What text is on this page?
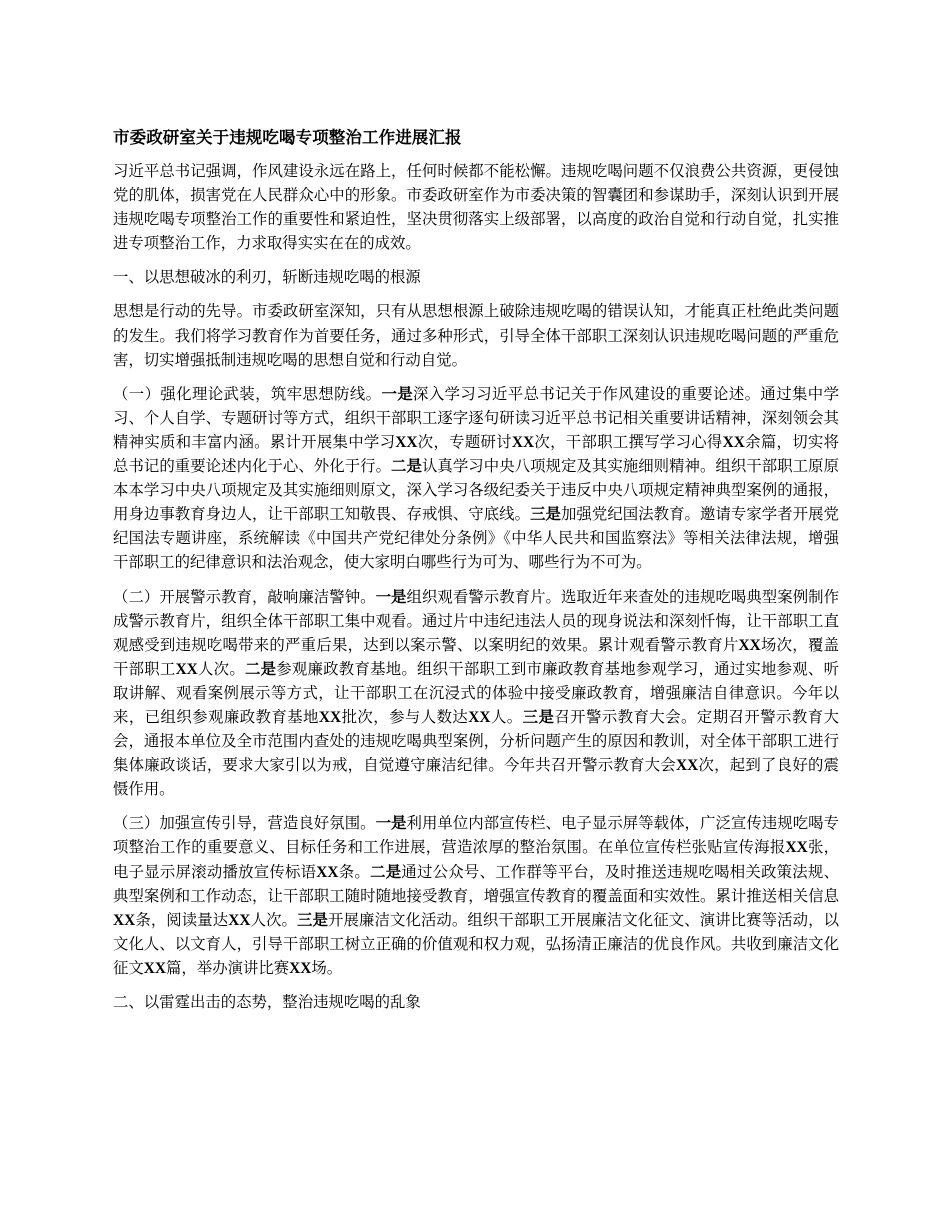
市委政研室关于违规吃喝专项整治工作进展汇报

习近平总书记强调，作风建设永远在路上，任何时候都不能松懈。违规吃喝问题不仅浪费公共资源，更侵蚀党的肌体，损害党在人民群众心中的形象。市委政研室作为市委决策的智囊团和参谋助手，深刻认识到开展违规吃喝专项整治工作的重要性和紧迫性，坚决贯彻落实上级部署，以高度的政治自觉和行动自觉，扎实推进专项整治工作，力求取得实实在在的成效。

一、以思想破冰的利刃，斩断违规吃喝的根源

思想是行动的先导。市委政研室深知，只有从思想根源上破除违规吃喝的错误认知，才能真正杜绝此类问题的发生。我们将学习教育作为首要任务，通过多种形式，引导全体干部职工深刻认识违规吃喝问题的严重危害，切实增强抵制违规吃喝的思想自觉和行动自觉。

（一）强化理论武装，筑牢思想防线。一是深入学习习近平总书记关于作风建设的重要论述。通过集中学习、个人自学、专题研讨等方式，组织干部职工逐字逐句研读习近平总书记相关重要讲话精神，深刻领会其精神实质和丰富内涵。累计开展集中学习XX次，专题研讨XX次，干部职工撰写学习心得XX余篇，切实将总书记的重要论述内化于心、外化于行。二是认真学习中央八项规定及其实施细则精神。组织干部职工原原本本学习中央八项规定及其实施细则原文，深入学习各级纪委关于违反中央八项规定精神典型案例的通报，用身边事教育身边人，让干部职工知敬畏、存戒惧、守底线。三是加强党纪国法教育。邀请专家学者开展党纪国法专题讲座，系统解读《中国共产党纪律处分条例》《中华人民共和国监察法》等相关法律法规，增强干部职工的纪律意识和法治观念，使大家明白哪些行为可为、哪些行为不可为。

（二）开展警示教育，敲响廉洁警钟。一是组织观看警示教育片。选取近年来查处的违规吃喝典型案例制作成警示教育片，组织全体干部职工集中观看。通过片中违纪违法人员的现身说法和深刻忏悔，让干部职工直观感受到违规吃喝带来的严重后果，达到以案示警、以案明纪的效果。累计观看警示教育片XX场次，覆盖干部职工XX人次。二是参观廉政教育基地。组织干部职工到市廉政教育基地参观学习，通过实地参观、听取讲解、观看案例展示等方式，让干部职工在沉浸式的体验中接受廉政教育，增强廉洁自律意识。今年以来，已组织参观廉政教育基地XX批次，参与人数达XX人。三是召开警示教育大会。定期召开警示教育大会，通报本单位及全市范围内查处的违规吃喝典型案例，分析问题产生的原因和教训，对全体干部职工进行集体廉政谈话，要求大家引以为戒，自觉遵守廉洁纪律。今年共召开警示教育大会XX次，起到了良好的震慑作用。

（三）加强宣传引导，营造良好氛围。一是利用单位内部宣传栏、电子显示屏等载体，广泛宣传违规吃喝专项整治工作的重要意义、目标任务和工作进展，营造浓厚的整治氛围。在单位宣传栏张贴宣传海报XX张，电子显示屏滚动播放宣传标语XX条。二是通过公众号、工作群等平台，及时推送违规吃喝相关政策法规、典型案例和工作动态，让干部职工随时随地接受教育，增强宣传教育的覆盖面和实效性。累计推送相关信息XX条，阅读量达XX人次。三是开展廉洁文化活动。组织干部职工开展廉洁文化征文、演讲比赛等活动，以文化人、以文育人，引导干部职工树立正确的价值观和权力观，弘扬清正廉洁的优良作风。共收到廉洁文化征文XX篇，举办演讲比赛XX场。

二、以雷霆出击的态势，整治违规吃喝的乱象
